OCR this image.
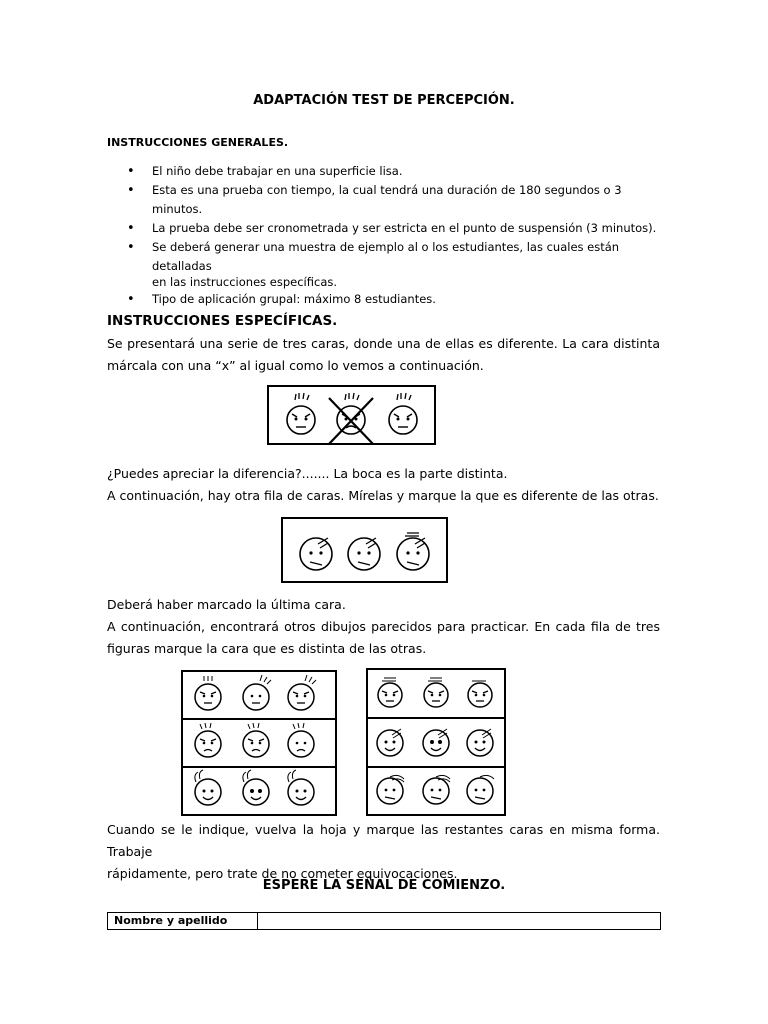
ADAPTACIÓN TEST DE PERCEPCIÓN.
INSTRUCCIONES GENERALES.
• El niño debe trabajar en una superficie lisa.
• Esta es una prueba con tiempo, la cual tendrá una duración de 180 segundos o 3 minutos.
• La prueba debe ser cronometrada y ser estricta en el punto de suspensión (3 minutos).
• Se deberá generar una muestra de ejemplo al o los estudiantes, las cuales están detalladas
en las instrucciones específicas.
• Tipo de aplicación grupal: máximo 8 estudiantes.
INSTRUCCIONES ESPECÍFICAS.
Se presentará una serie de tres caras, donde una de ellas es diferente. La cara distinta
márcala con una “x” al igual como lo vemos a continuación.
¿Puedes apreciar la diferencia?....... La boca es la parte distinta.
A continuación, hay otra fila de caras. Mírelas y marque la que es diferente de las otras.
Deberá haber marcado la última cara.
A continuación, encontrará otros dibujos parecidos para practicar. En cada fila de tres
figuras marque la cara que es distinta de las otras.
Cuando se le indique, vuelva la hoja y marque las restantes caras en misma forma. Trabaje
rápidamente, pero trate de no cometer equivocaciones.
ESPERE LA SEÑAL DE COMIENZO.
Nombre y apellido
